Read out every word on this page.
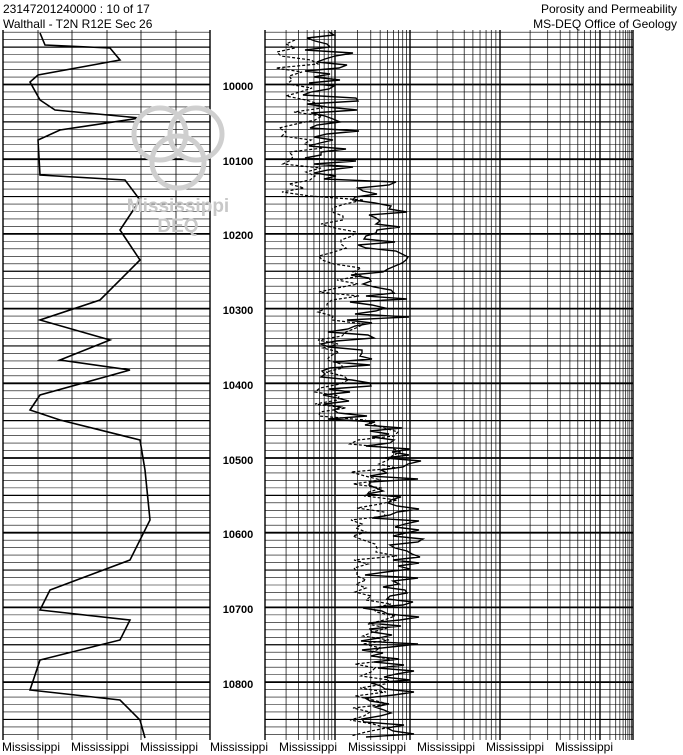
23147201240000 : 10 of 17
Walthall - T2N R12E Sec 26
Porosity and Permeability
MS-DEQ Office of Geology
10000
10100
10200
10300
10400
10500
10600
10700
10800
Mississippi
DEQ
Mississippi Mississippi Mississippi Mississippi Mississippi Mississippi Mississippi Mississippi Mississippi
